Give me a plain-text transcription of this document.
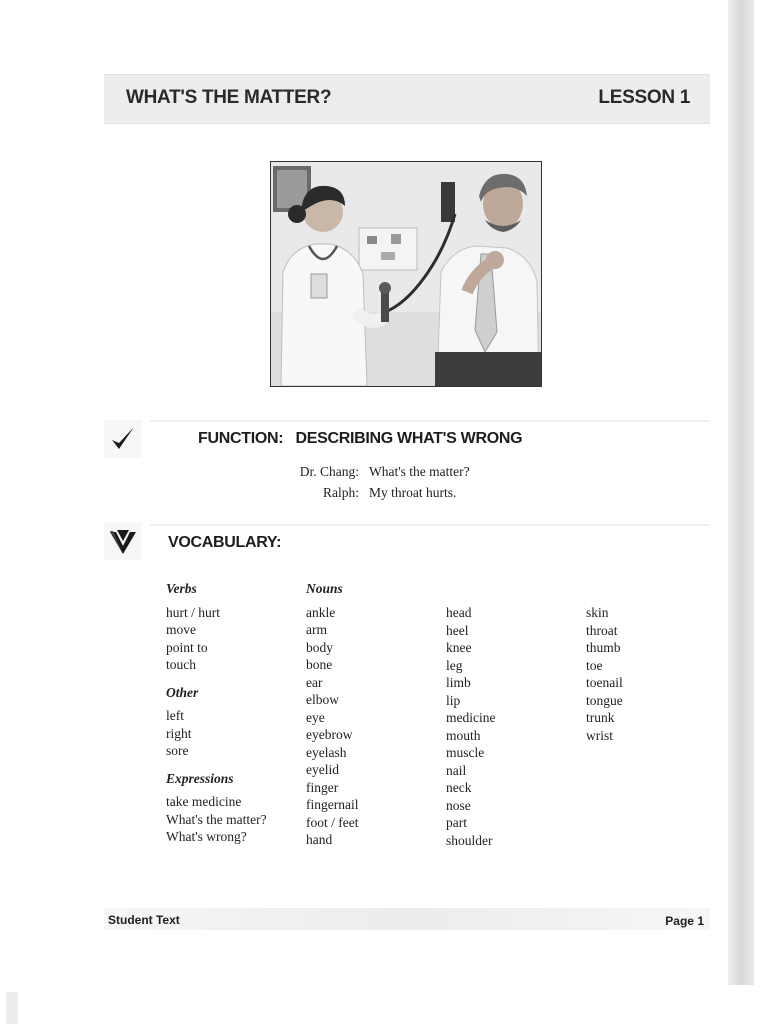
WHAT'S THE MATTER?	LESSON 1
FUNCTION: DESCRIBING WHAT'S WRONG
Dr. Chang: What's the matter?
Ralph: My throat hurts.
VOCABULARY:
Verbs
hurt / hurt
move
point to
touch
Other
left
right
sore
Expressions
take medicine
What's the matter?
What's wrong?
Nouns
ankle
arm
body
bone
ear
elbow
eye
eyebrow
eyelash
eyelid
finger
fingernail
foot / feet
hand
head
heel
knee
leg
limb
lip
medicine
mouth
muscle
nail
neck
nose
part
shoulder
skin
throat
thumb
toe
toenail
tongue
trunk
wrist
Student Text	Page 1
